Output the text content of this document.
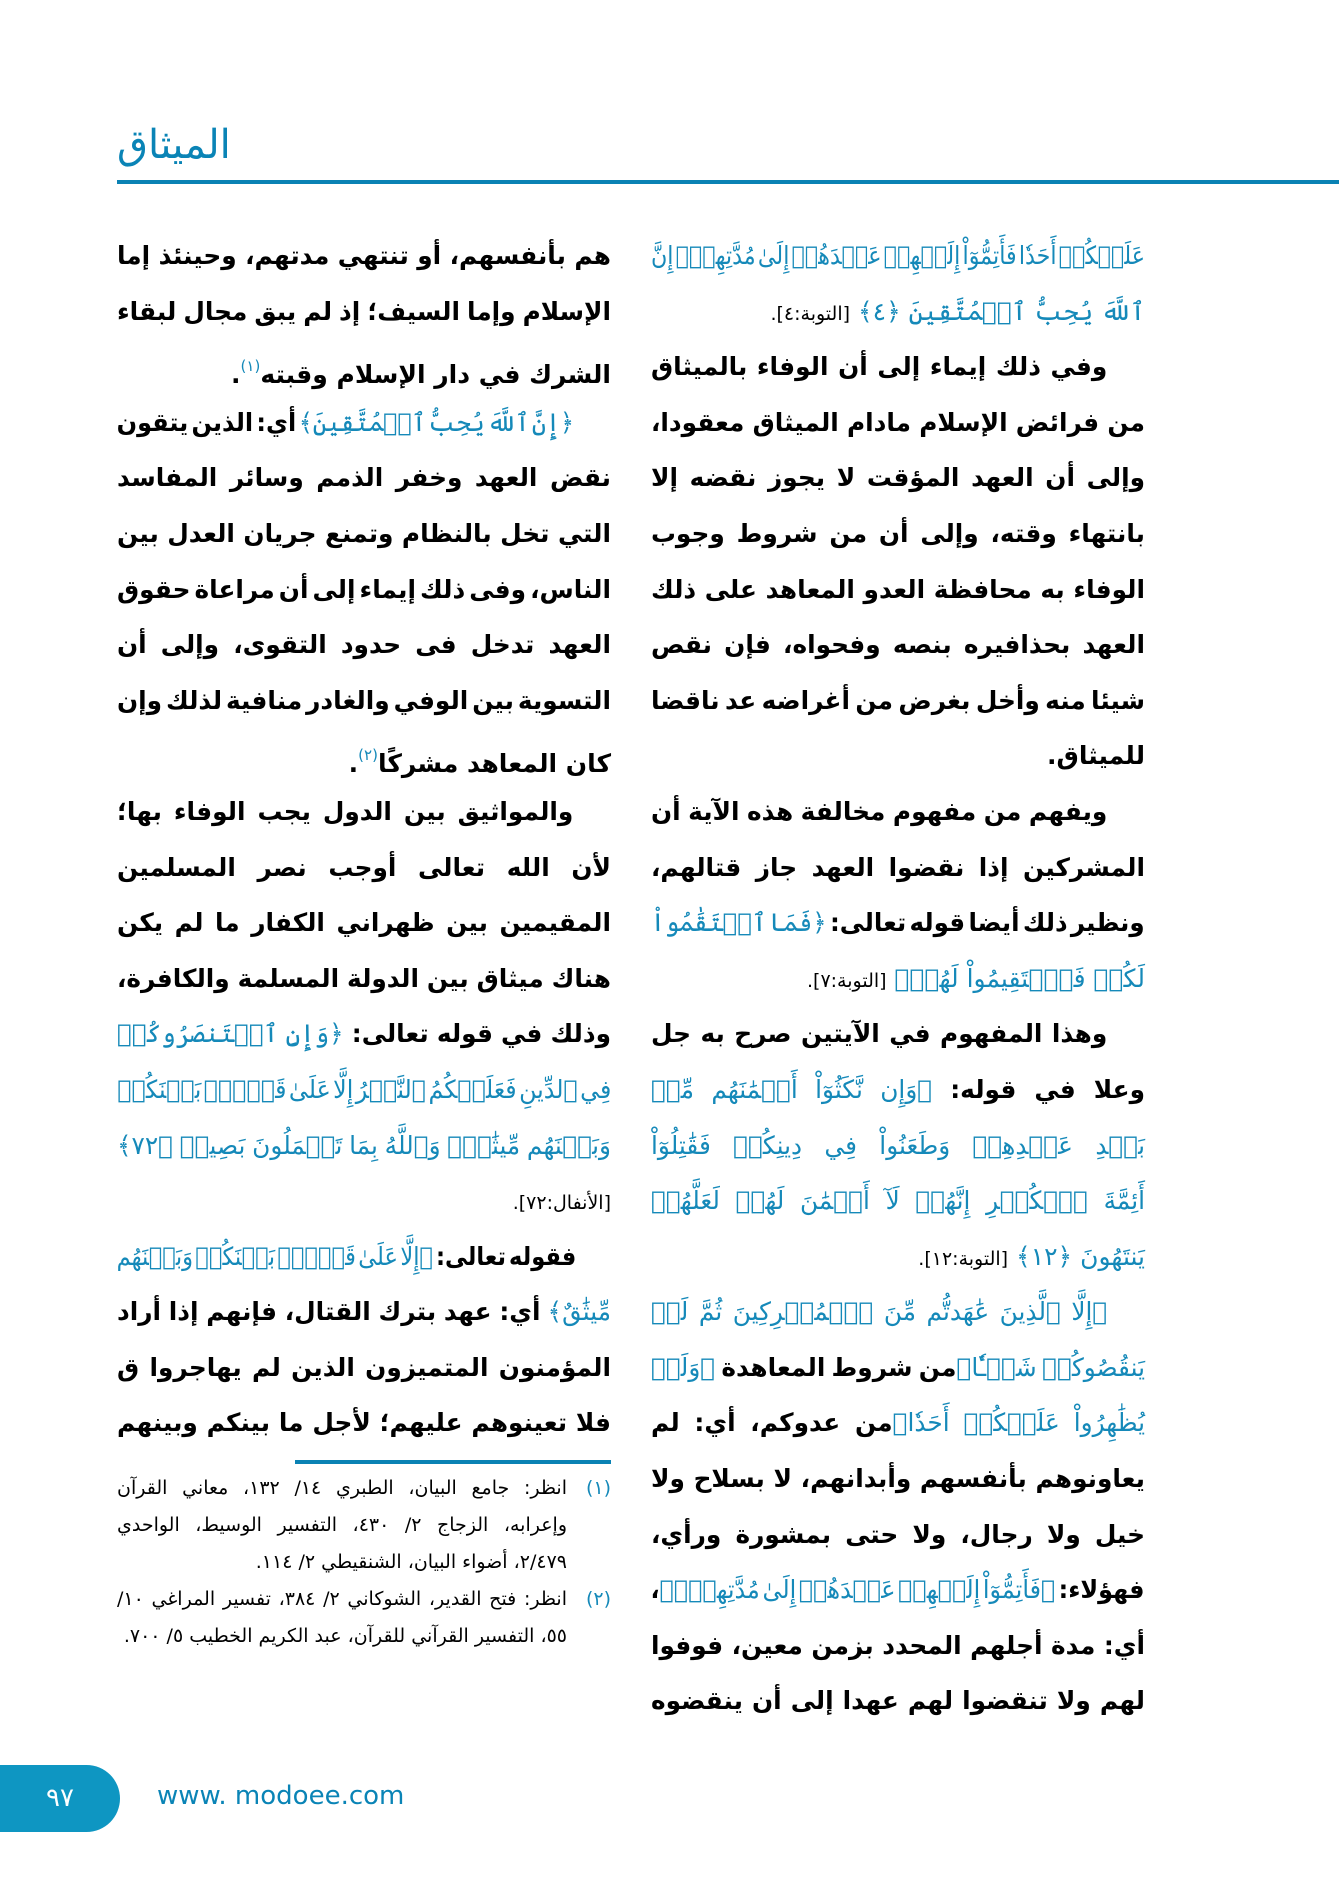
الميثاق
عَلَيۡكُمۡ أَحَدٗا فَأَتِمُّوٓاْ إِلَيۡهِمۡ عَهۡدَهُمۡ إِلَىٰ مُدَّتِهِمۡۚ إِنَّ
ٱللَّهَ يُحِبُّ ٱلۡمُتَّقِينَ ﴿٤﴾ [التوبة:٤].
وفي ذلك إيماء إلى أن الوفاء بالميثاق
من فرائض الإسلام مادام الميثاق معقودا،
وإلى أن العهد المؤقت لا يجوز نقضه إلا
بانتهاء وقته، وإلى أن من شروط وجوب
الوفاء به محافظة العدو المعاهد على ذلك
العهد بحذافيره بنصه وفحواه، فإن نقص
شيئا منه وأخل بغرض من أغراضه عد ناقضا
للميثاق.
ويفهم من مفهوم مخالفة هذه الآية أن
المشركين إذا نقضوا العهد جاز قتالهم،
ونظير ذلك أيضا قوله تعالى: ﴿فَمَا ٱسۡتَقَٰمُواْ
لَكُمۡ فَٱسۡتَقِيمُواْ لَهُمۡ﴾ [التوبة:٧].
وهذا المفهوم في الآيتين صرح به جل
وعلا في قوله: ﴿وَإِن نَّكَثُوٓاْ أَيۡمَٰنَهُم مِّنۢ
بَعۡدِ عَهۡدِهِمۡ وَطَعَنُواْ فِي دِينِكُمۡ فَقَٰتِلُوٓاْ
أَئِمَّةَ ٱلۡكُفۡرِ إِنَّهُمۡ لَآ أَيۡمَٰنَ لَهُمۡ لَعَلَّهُمۡ
يَنتَهُونَ ﴿١٢﴾ [التوبة:١٢].
﴿إِلَّا ٱلَّذِينَ عَٰهَدتُّم مِّنَ ٱلۡمُشۡرِكِينَ ثُمَّ لَمۡ
يَنقُصُوكُمۡ شَيۡـٔٗا﴾من شروط المعاهدة ﴿وَلَمۡ
يُظَٰهِرُواْ عَلَيۡكُمۡ أَحَدٗا﴾من عدوكم، أي: لم
يعاونوهم بأنفسهم وأبدانهم، لا بسلاح ولا
خيل ولا رجال، ولا حتى بمشورة ورأي،
فهؤلاء: ﴿فَأَتِمُّوٓاْ إِلَيۡهِمۡ عَهۡدَهُمۡ إِلَىٰ مُدَّتِهِمۡۚ﴾،
أي: مدة أجلهم المحدد بزمن معين، فوفوا
لهم ولا تنقضوا لهم عهدا إلى أن ينقضوه
هم بأنفسهم، أو تنتهي مدتهم، وحينئذ إما
الإسلام وإما السيف؛ إذ لم يبق مجال لبقاء
الشرك في دار الإسلام وقبته$^{(١)}$.
﴿إِنَّ ٱللَّهَ يُحِبُّ ٱلۡمُتَّقِينَ﴾ أي: الذين يتقون
نقض العهد وخفر الذمم وسائر المفاسد
التي تخل بالنظام وتمنع جريان العدل بين
الناس، وفى ذلك إيماء إلى أن مراعاة حقوق
العهد تدخل فى حدود التقوى، وإلى أن
التسوية بين الوفي والغادر منافية لذلك وإن
كان المعاهد مشركًا$^{(٢)}$.
والمواثيق بين الدول يجب الوفاء بها؛
لأن الله تعالى أوجب نصر المسلمين
المقيمين بين ظهراني الكفار ما لم يكن
هناك ميثاق بين الدولة المسلمة والكافرة،
وذلك في قوله تعالى: ﴿وَإِنِ ٱسۡتَنصَرُوكُمۡ
فِي ٱلدِّينِ فَعَلَيۡكُمُ ٱلنَّصۡرُ إِلَّا عَلَىٰ قَوۡمِۢ بَيۡنَكُمۡ
وَبَيۡنَهُم مِّيثَٰقٞۗ وَٱللَّهُ بِمَا تَعۡمَلُونَ بَصِيرٞ ﴿٧٢﴾
[الأنفال:٧٢].
فقوله تعالى: ﴿إِلَّا عَلَىٰ قَوۡمِۢ بَيۡنَكُمۡ وَبَيۡنَهُم
مِّيثَٰقٌ﴾ أي: عهد بترك القتال، فإنهم إذا أراد
المؤمنون المتميزون الذين لم يهاجروا ق
فلا تعينوهم عليهم؛ لأجل ما بينكم وبينهم
(١)
انظر: جامع البيان، الطبري ١٤/ ١٣٢، معاني القرآن وإعرابه، الزجاج ٢/ ٤٣٠، التفسير الوسيط، الواحدي ٢/٤٧٩، أضواء البيان، الشنقيطي ٢/ ١١٤.
(٢)
انظر: فتح القدير، الشوكاني ٢/ ٣٨٤، تفسير المراغي ١٠/ ٥٥، التفسير القرآني للقرآن، عبد الكريم الخطيب ٥/ ٧٠٠.
٩٧	www. modoee.com
